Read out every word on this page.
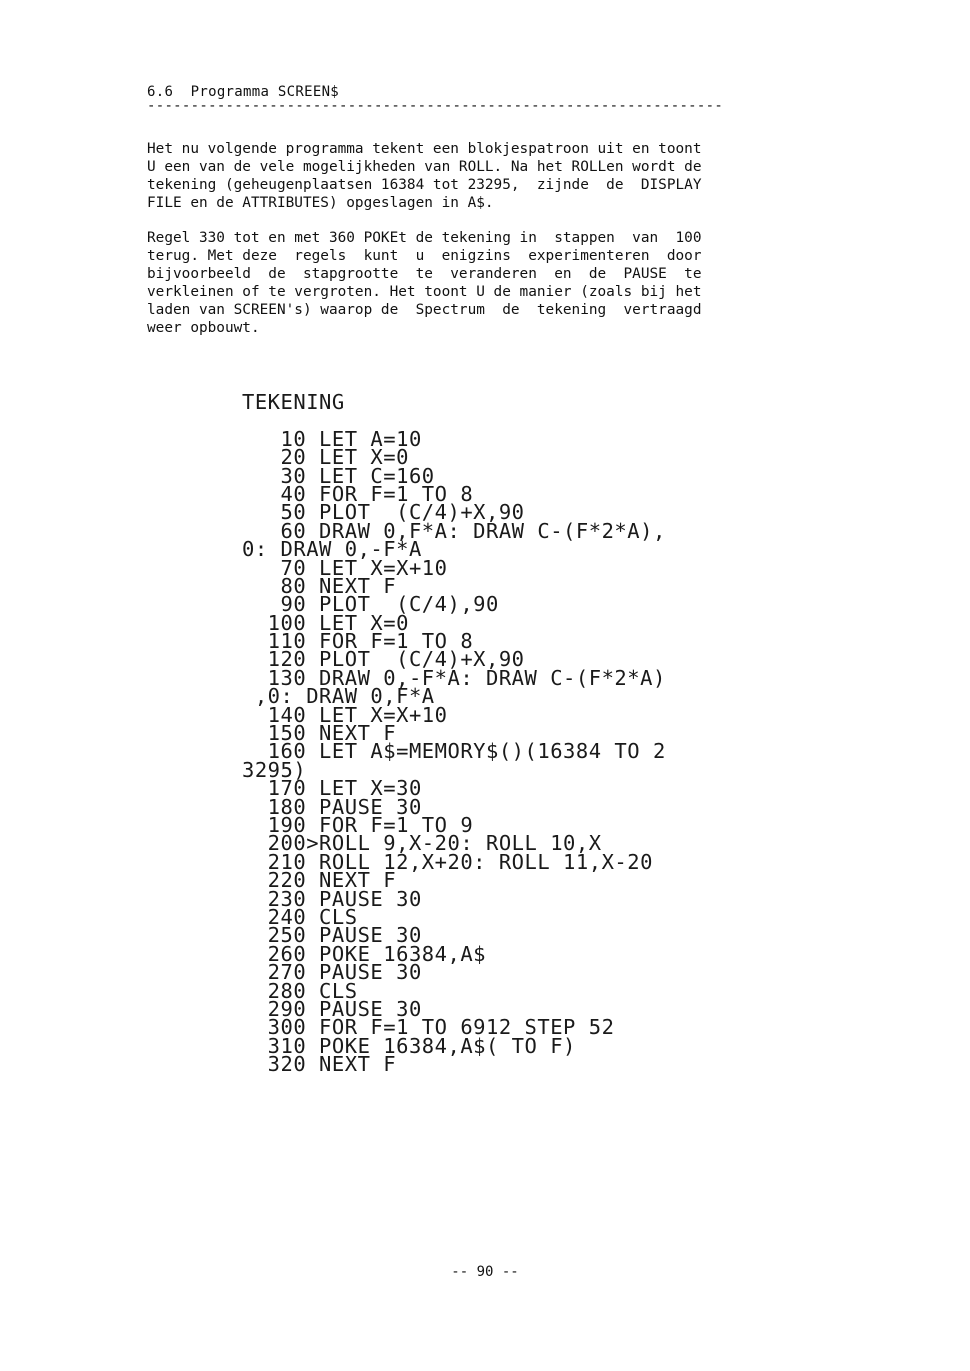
6.6  Programma SCREEN$
------------------------------------------------------------------
Het nu volgende programma tekent een blokjespatroon uit en toont
U een van de vele mogelijkheden van ROLL. Na het ROLLen wordt de
tekening (geheugenplaatsen 16384 tot 23295,  zijnde  de  DISPLAY
FILE en de ATTRIBUTES) opgeslagen in A$.
Regel 330 tot en met 360 POKEt de tekening in  stappen  van  100
terug. Met deze  regels  kunt  u  enigzins  experimenteren  door
bijvoorbeeld  de  stapgrootte  te  veranderen  en  de  PAUSE  te
verkleinen of te vergroten. Het toont U de manier (zoals bij het
laden van SCREEN's) waarop de  Spectrum  de  tekening  vertraagd
weer opbouwt.
TEKENING

10 LET A=10
20 LET X=0
30 LET C=160
40 FOR F=1 TO 8
50 PLOT  (C/4)+X,90
60 DRAW 0,F*A: DRAW C-(F*2*A),
0: DRAW 0,-F*A
70 LET X=X+10
80 NEXT F
90 PLOT  (C/4),90
100 LET X=0
110 FOR F=1 TO 8
120 PLOT  (C/4)+X,90
130 DRAW 0,-F*A: DRAW C-(F*2*A)
,0: DRAW 0,F*A
140 LET X=X+10
150 NEXT F
160 LET A$=MEMORY$()(16384 TO 2
3295)
170 LET X=30
180 PAUSE 30
190 FOR F=1 TO 9
200>ROLL 9,X-20: ROLL 10,X
210 ROLL 12,X+20: ROLL 11,X-20
220 NEXT F
230 PAUSE 30
240 CLS
250 PAUSE 30
260 POKE 16384,A$
270 PAUSE 30
280 CLS
290 PAUSE 30
300 FOR F=1 TO 6912 STEP 52
310 POKE 16384,A$( TO F)
320 NEXT F
-- 90 --
